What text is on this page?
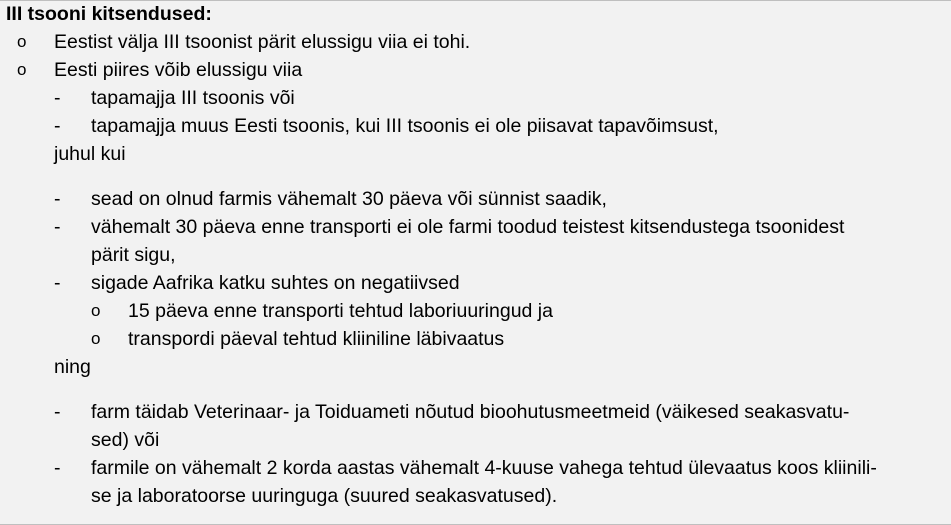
III tsooni kitsendused:
o Eestist välja III tsoonist pärit elussigu viia ei tohi.
o Eesti piires võib elussigu viia
- tapamajja III tsoonis või
- tapamajja muus Eesti tsoonis, kui III tsoonis ei ole piisavat tapavõimsust,
juhul kui
- sead on olnud farmis vähemalt 30 päeva või sünnist saadik,
- vähemalt 30 päeva enne transporti ei ole farmi toodud teistest kitsendustega tsoonidest
pärit sigu,
- sigade Aafrika katku suhtes on negatiivsed
o 15 päeva enne transporti tehtud laboriuuringud ja
o transpordi päeval tehtud kliiniline läbivaatus
ning
- farm täidab Veterinaar- ja Toiduameti nõutud bioohutusmeetmeid (väikesed seakasvatu-
sed) või
- farmile on vähemalt 2 korda aastas vähemalt 4-kuuse vahega tehtud ülevaatus koos kliinili-
se ja laboratoorse uuringuga (suured seakasvatused).
